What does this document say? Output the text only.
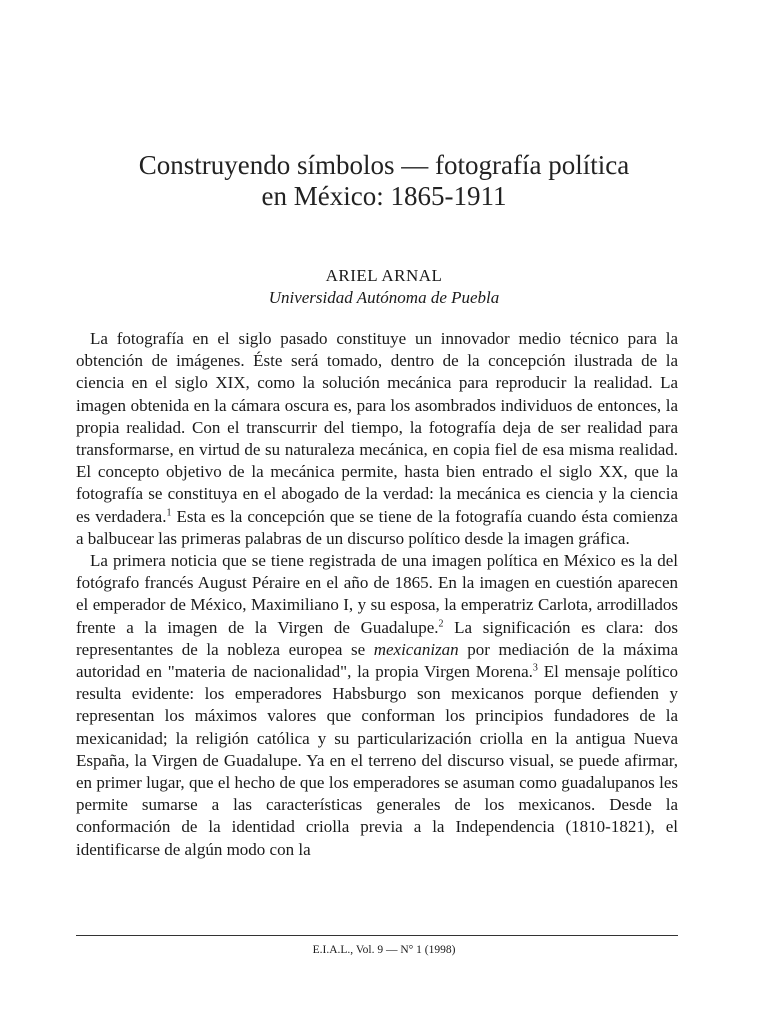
Construyendo símbolos — fotografía política
en México: 1865-1911
ARIEL ARNAL
Universidad Autónoma de Puebla

La fotografía en el siglo pasado constituye un innovador medio técnico para la obtención de imágenes. Éste será tomado, dentro de la concepción ilustrada de la ciencia en el siglo XIX, como la solución mecánica para reproducir la realidad. La imagen obtenida en la cámara oscura es, para los asombrados individuos de entonces, la propia realidad. Con el transcurrir del tiempo, la fotografía deja de ser realidad para transformarse, en virtud de su naturaleza mecánica, en copia fiel de esa misma realidad. El concepto objetivo de la mecánica permite, hasta bien entrado el siglo XX, que la fotografía se constituya en el abogado de la verdad: la mecánica es ciencia y la ciencia es verdadera.$^1$ Esta es la concepción que se tiene de la fotografía cuando ésta comienza a balbucear las primeras palabras de un discurso político desde la imagen gráfica.

La primera noticia que se tiene registrada de una imagen política en México es la del fotógrafo francés August Péraire en el año de 1865. En la imagen en cuestión aparecen el emperador de México, Maximiliano I, y su esposa, la emperatriz Carlota, arrodillados frente a la imagen de la Virgen de Guadalupe.$^2$ La significación es clara: dos representantes de la nobleza europea se mexicanizan por mediación de la máxima autoridad en "materia de nacionalidad", la propia Virgen Morena.$^3$ El mensaje político resulta evidente: los emperadores Habsburgo son mexicanos porque defienden y representan los máximos valores que conforman los principios fundadores de la mexicanidad; la religión católica y su particularización criolla en la antigua Nueva España, la Virgen de Guadalupe. Ya en el terreno del discurso visual, se puede afirmar, en primer lugar, que el hecho de que los emperadores se asuman como guadalupanos les permite sumarse a las características generales de los mexicanos. Desde la conformación de la identidad criolla previa a la Independencia (1810-1821), el identificarse de algún modo con la

E.I.A.L., Vol. 9 — N° 1 (1998)
